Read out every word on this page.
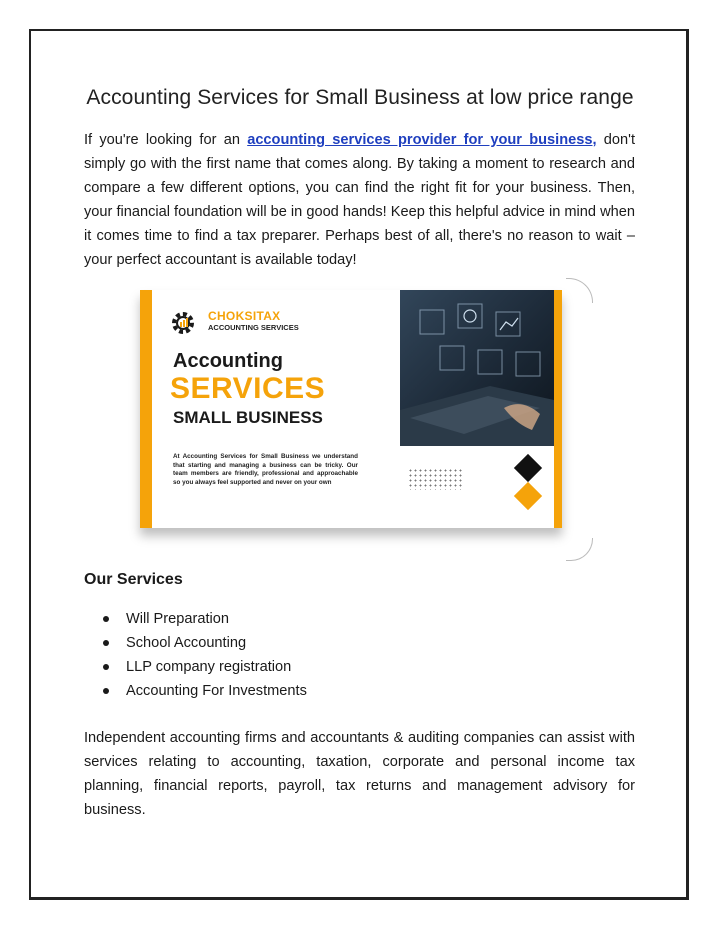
Accounting Services for Small Business at low price range

If you're looking for an accounting services provider for your business, don't simply go with the first name that comes along. By taking a moment to research and compare a few different options, you can find the right fit for your business. Then, your financial foundation will be in good hands! Keep this helpful advice in mind when it comes time to find a tax preparer. Perhaps best of all, there's no reason to wait – your perfect accountant is available today!

CHOKSITAX
ACCOUNTING SERVICES
Accounting
SERVICES
SMALL BUSINESS
At Accounting Services for Small Business we understand that starting and managing a business can be tricky. Our team members are friendly, professional and approachable so you always feel supported and never on your own
Our Services
Will Preparation
School Accounting
LLP company registration
Accounting For Investments

Independent accounting firms and accountants & auditing companies can assist with services relating to accounting, taxation, corporate and personal income tax planning, financial reports, payroll, tax returns and management advisory for business.
